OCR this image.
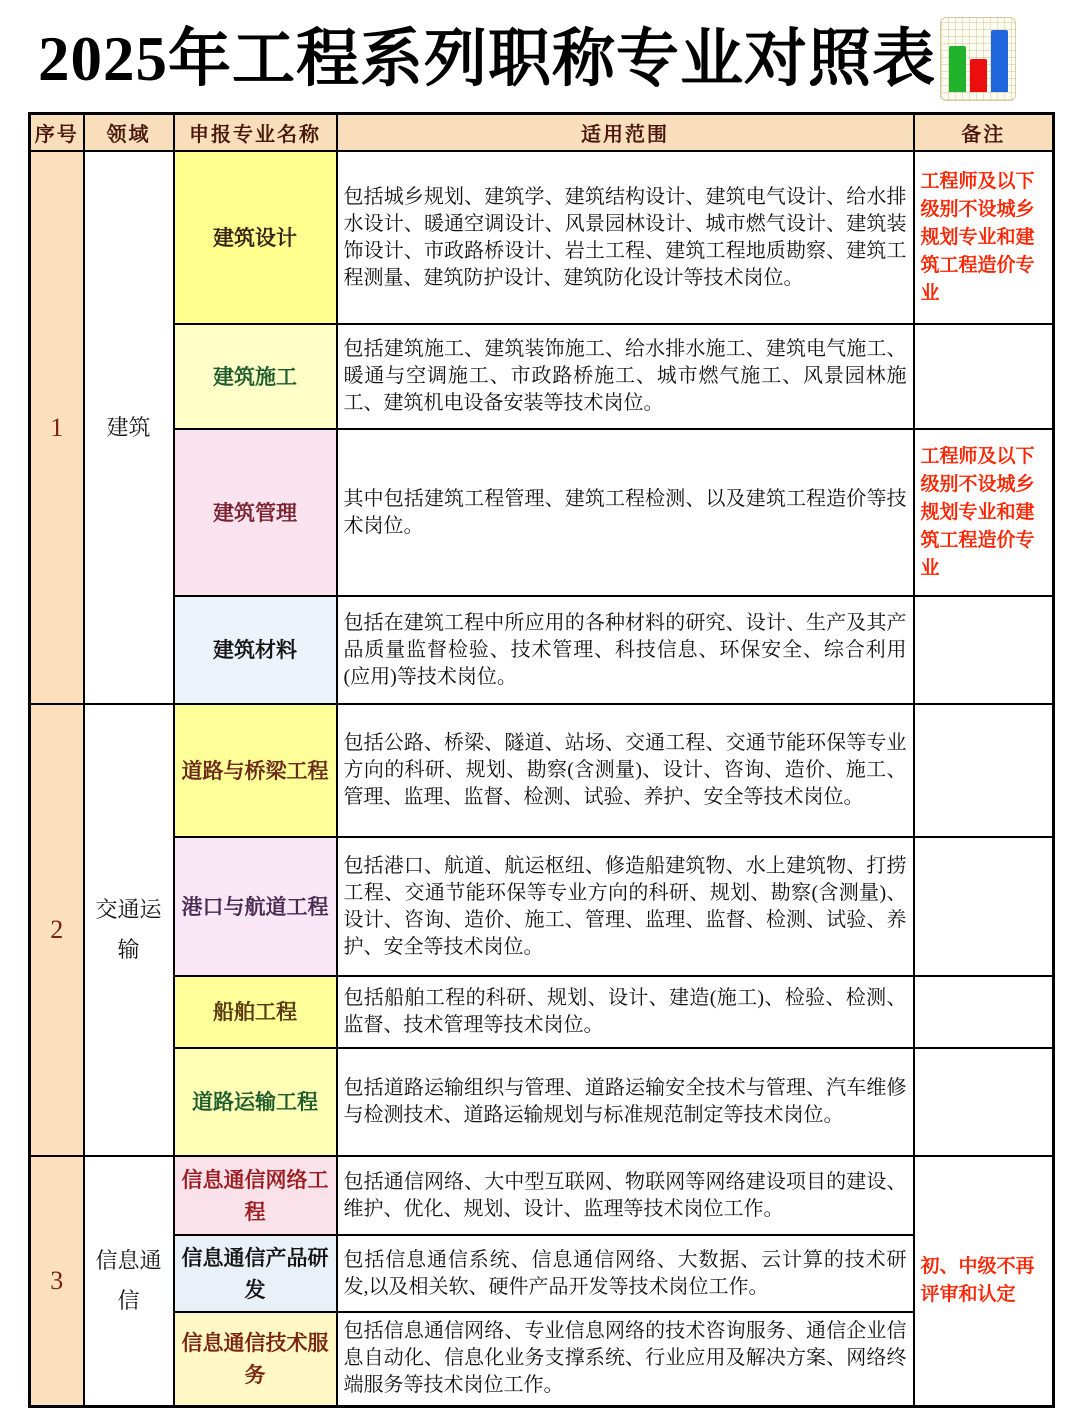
2025年工程系列职称专业对照表
序号	领域	申报专业名称	适用范围	备注
1	建筑	建筑设计	包括城乡规划、建筑学、建筑结构设计、建筑电气设计、给水排水设计、暖通空调设计、风景园林设计、城市燃气设计、建筑装饰设计、市政路桥设计、岩土工程、建筑工程地质勘察、建筑工程测量、建筑防护设计、建筑防化设计等技术岗位。	工程师及以下级别不设城乡规划专业和建筑工程造价专业
		建筑施工	包括建筑施工、建筑装饰施工、给水排水施工、建筑电气施工、暖通与空调施工、市政路桥施工、城市燃气施工、风景园林施工、建筑机电设备安装等技术岗位。	
		建筑管理	其中包括建筑工程管理、建筑工程检测、以及建筑工程造价等技术岗位。	工程师及以下级别不设城乡规划专业和建筑工程造价专业
		建筑材料	包括在建筑工程中所应用的各种材料的研究、设计、生产及其产品质量监督检验、技术管理、科技信息、环保安全、综合利用(应用)等技术岗位。	
2	交通运输	道路与桥梁工程	包括公路、桥梁、隧道、站场、交通工程、交通节能环保等专业方向的科研、规划、勘察(含测量)、设计、咨询、造价、施工、管理、监理、监督、检测、试验、养护、安全等技术岗位。	
		港口与航道工程	包括港口、航道、航运枢纽、修造船建筑物、水上建筑物、打捞工程、交通节能环保等专业方向的科研、规划、勘察(含测量)、设计、咨询、造价、施工、管理、监理、监督、检测、试验、养护、安全等技术岗位。	
		船舶工程	包括船舶工程的科研、规划、设计、建造(施工)、检验、检测、监督、技术管理等技术岗位。	
		道路运输工程	包括道路运输组织与管理、道路运输安全技术与管理、汽车维修与检测技术、道路运输规划与标准规范制定等技术岗位。	
3	信息通信	信息通信网络工程	包括通信网络、大中型互联网、物联网等网络建设项目的建设、维护、优化、规划、设计、监理等技术岗位工作。	初、中级不再评审和认定
		信息通信产品研发	包括信息通信系统、信息通信网络、大数据、云计算的技术研发,以及相关软、硬件产品开发等技术岗位工作。	
		信息通信技术服务	包括信息通信网络、专业信息网络的技术咨询服务、通信企业信息自动化、信息化业务支撑系统、行业应用及解决方案、网络终端服务等技术岗位工作。	
